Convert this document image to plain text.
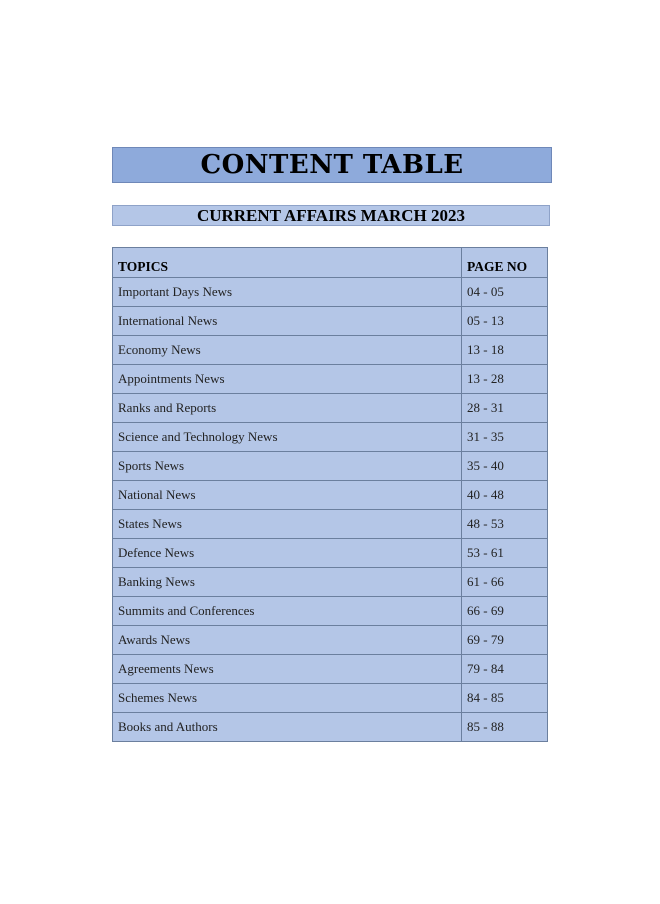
CONTENT TABLE
CURRENT AFFAIRS MARCH 2023
TOPICS	PAGE NO
Important Days News	04 - 05
International News	05 - 13
Economy News	13 - 18
Appointments News	13 - 28
Ranks and Reports	28 - 31
Science and Technology News	31 - 35
Sports News	35 - 40
National News	40 - 48
States News	48 - 53
Defence News	53 - 61
Banking News	61 - 66
Summits and Conferences	66 - 69
Awards News	69 - 79
Agreements News	79 - 84
Schemes News	84 - 85
Books and Authors	85 - 88
